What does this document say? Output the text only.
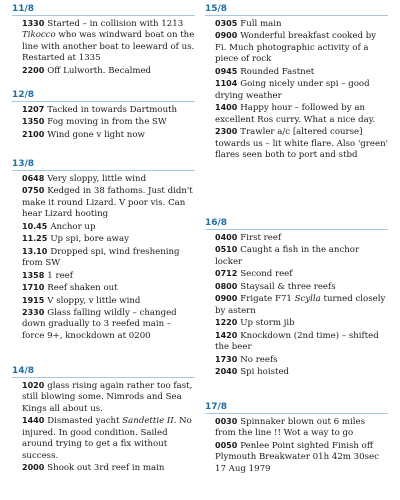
11/8

1330 Started – in collision with 1213 Tikocco who was windward boat on the line with another boat to leeward of us. Restarted at 1335

2200 Off Lulworth. Becalmed

12/8

1207 Tacked in towards Dartmouth

1350 Fog moving in from the SW

2100 Wind gone v light now

13/8

0648 Very sloppy, little wind

0750 Kedged in 38 fathoms. Just didn't make it round Lizard. V poor vis. Can hear Lizard hooting

10.45 Anchor up

11.25 Up spi, bore away

13.10 Dropped spi, wind freshening from SW

1358 1 reef

1710 Reef shaken out

1915 V sloppy, v little wind

2330 Glass falling wildly – changed down gradually to 3 reefed main – force 9+, knockdown at 0200

14/8

1020 glass rising again rather too fast, still blowing some. Nimrods and Sea Kings all about us.

1440 Dismasted yacht Sandettie II. No injured. In good condition. Sailed around trying to get a fix without success.

2000 Shook out 3rd reef in main

15/8

0305 Full main

0900 Wonderful breakfast cooked by Fi. Much photographic activity of a piece of rock

0945 Rounded Fastnet

1104 Going nicely under spi – good drying weather

1400 Happy hour – followed by an excellent Ros curry. What a nice day.

2300 Trawler a/c [altered course] towards us – lit white flare. Also 'green' flares seen both to port and stbd

16/8

0400 First reef

0510 Caught a fish in the anchor locker

0712 Second reef

0800 Staysail & three reefs

0900 Frigate F71 Scylla turned closely by astern

1220 Up storm jib

1420 Knockdown (2nd time) – shifted the beer

1730 No reefs

2040 Spi hoisted

17/8

0030 Spinnaker blown out 6 miles from the line !! Wot a way to go

0050 Penlee Point sighted Finish off Plymouth Breakwater 01h 42m 30sec 17 Aug 1979
